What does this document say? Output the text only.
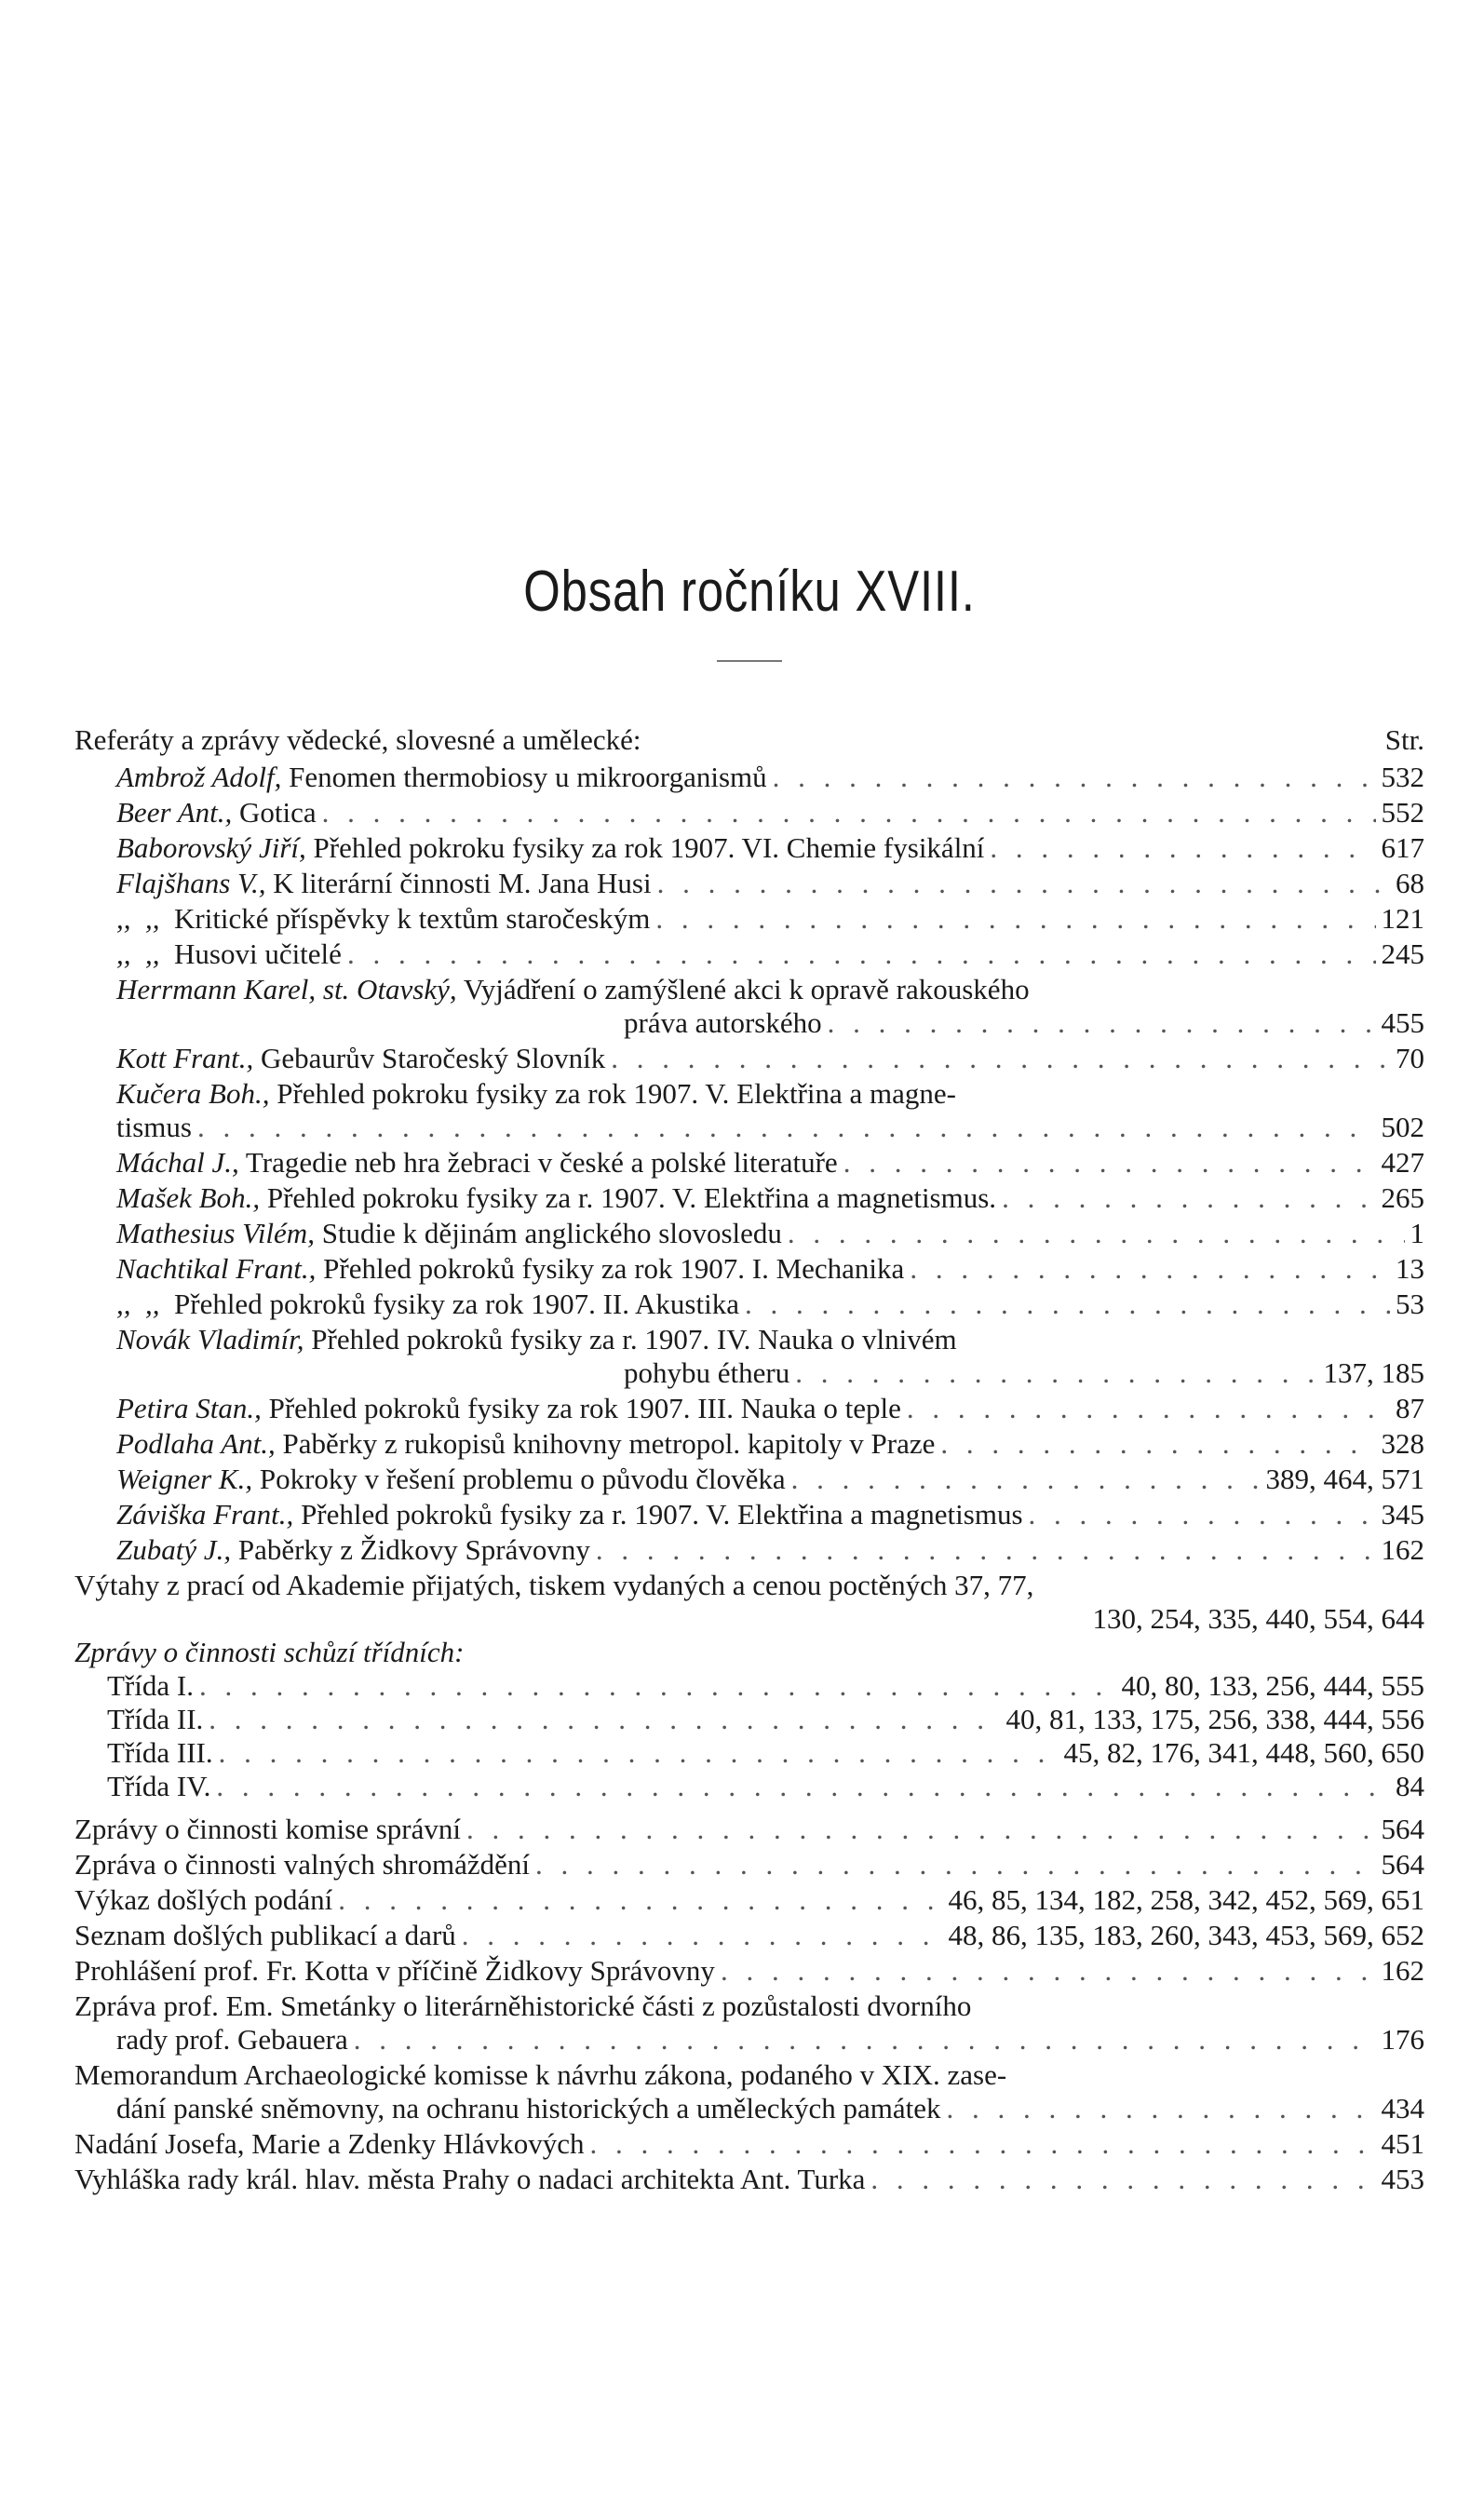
Obsah ročníku XVIII.
Referáty a zprávy vědecké, slovesné a umělecké:	Str.
Ambrož Adolf, Fenomen thermobiosy u mikroorganismů . . .	532
Beer Ant., Gotica . . .	552
Baborovský Jiří, Přehled pokroku fysiky za rok 1907. VI. Chemie fysikální . . .	617
Flajšhans V., K literární činnosti M. Jana Husi . . .	68
,,  ,, Kritické příspěvky k textům staročeským . . .	121
,,  ,, Husovi učitelé . . .	245
Herrmann Karel, st. Otavský, Vyjádření o zamýšlené akci k opravě rakouského
práva autorského . . .	455
Kott Frant., Gebaurův Staročeský Slovník . . .	70
Kučera Boh., Přehled pokroku fysiky za rok 1907. V. Elektřina a magne-
tismus . . .	502
Máchal J., Tragedie neb hra žebraci v české a polské literatuře . . .	427
Mašek Boh., Přehled pokroku fysiky za r. 1907. V. Elektřina a magnetismus. . . .	265
Mathesius Vilém, Studie k dějinám anglického slovosledu . . .	1
Nachtikal Frant., Přehled pokroků fysiky za rok 1907. I. Mechanika . . .	13
,,  ,, Přehled pokroků fysiky za rok 1907. II. Akustika . . .	53
Novák Vladimír, Přehled pokroků fysiky za r. 1907. IV. Nauka o vlnivém
pohybu étheru . . .	137, 185
Petira Stan., Přehled pokroků fysiky za rok 1907. III. Nauka o teple . . .	87
Podlaha Ant., Paběrky z rukopisů knihovny metropol. kapitoly v Praze . . .	328
Weigner K., Pokroky v řešení problemu o původu člověka . . .	389, 464, 571
Záviška Frant., Přehled pokroků fysiky za r. 1907. V. Elektřina a magnetismus . . .	345
Zubatý J., Paběrky z Židkovy Správovny . . .	162
Výtahy z prací od Akademie přijatých, tiskem vydaných a cenou poctěných 37, 77,
130, 254, 335, 440, 554, 644
Zprávy o činnosti schůzí třídních:
Třída I. . . .	40, 80, 133, 256, 444, 555
Třída II. . . .	40, 81, 133, 175, 256, 338, 444, 556
Třída III. . . .	45, 82, 176, 341, 448, 560, 650
Třída IV. . . .	84
Zprávy o činnosti komise správní . . .	564
Zpráva o činnosti valných shromáždění . . .	564
Výkaz došlých podání . . .	46, 85, 134, 182, 258, 342, 452, 569, 651
Seznam došlých publikací a darů . . .	48, 86, 135, 183, 260, 343, 453, 569, 652
Prohlášení prof. Fr. Kotta v příčině Židkovy Správovny . . .	162
Zpráva prof. Em. Smetánky o literárněhistorické části z pozůstalosti dvorního
rady prof. Gebauera . . .	176
Memorandum Archaeologické komisse k návrhu zákona, podaného v XIX. zase-
dání panské sněmovny, na ochranu historických a uměleckých památek . . .	434
Nadání Josefa, Marie a Zdenky Hlávkových . . .	451
Vyhláška rady král. hlav. města Prahy o nadaci architekta Ant. Turka . . .	453
